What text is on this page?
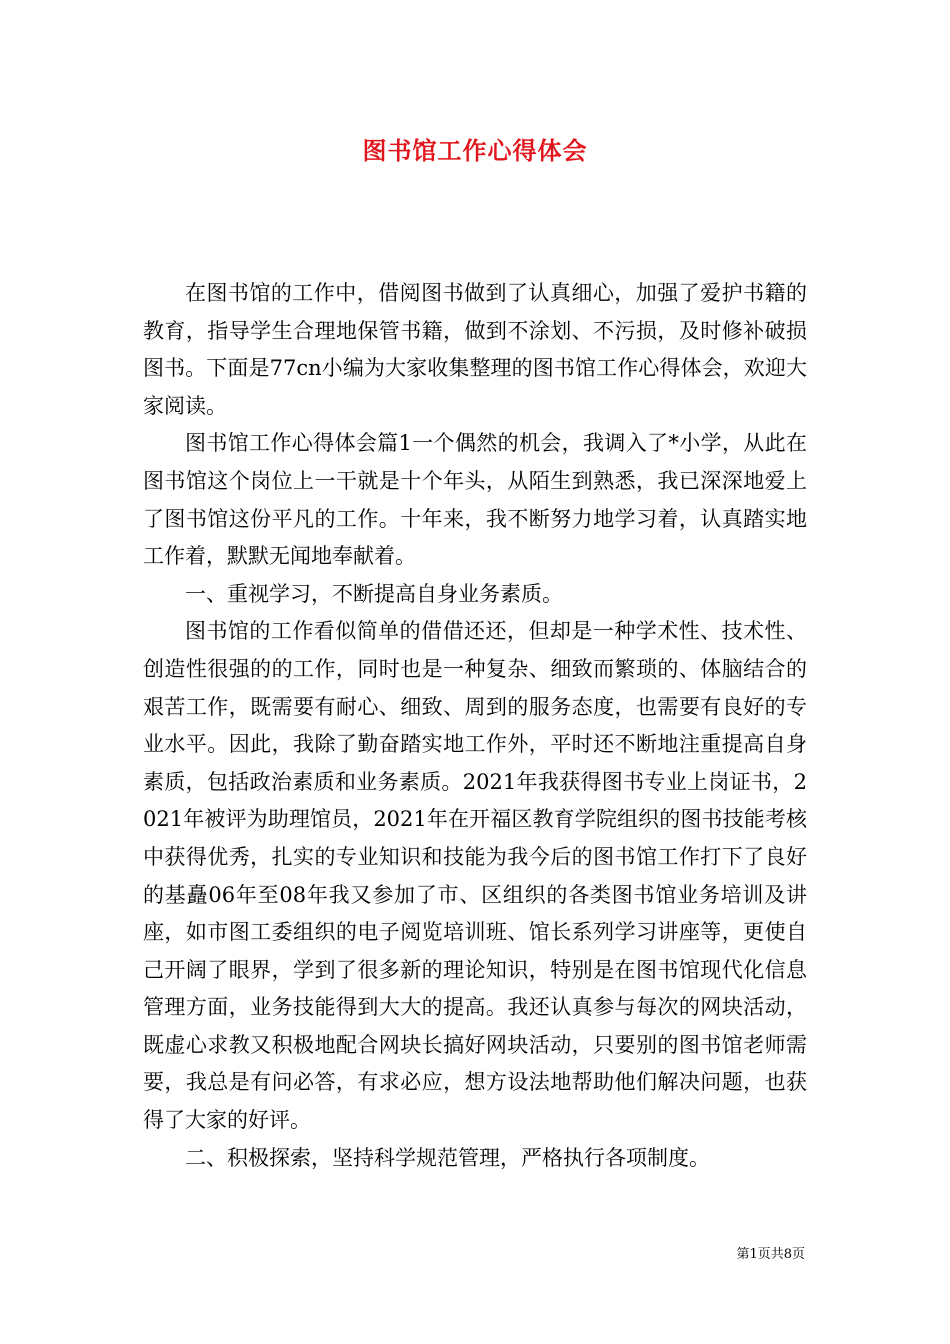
图书馆工作心得体会

在图书馆的工作中，借阅图书做到了认真细心，加强了爱护书籍的教育，指导学生合理地保管书籍，做到不涂划、不污损，及时修补破损图书。下面是77cn小编为大家收集整理的图书馆工作心得体会，欢迎大家阅读。

图书馆工作心得体会篇1一个偶然的机会，我调入了*小学，从此在图书馆这个岗位上一干就是十个年头，从陌生到熟悉，我已深深地爱上了图书馆这份平凡的工作。十年来，我不断努力地学习着，认真踏实地工作着，默默无闻地奉献着。

一、重视学习，不断提高自身业务素质。

图书馆的工作看似简单的借借还还，但却是一种学术性、技术性、创造性很强的的工作，同时也是一种复杂、细致而繁琐的、体脑结合的艰苦工作，既需要有耐心、细致、周到的服务态度，也需要有良好的专业水平。因此，我除了勤奋踏实地工作外，平时还不断地注重提高自身素质，包括政治素质和业务素质。2021年我获得图书专业上岗证书，2021年被评为助理馆员，2021年在开福区教育学院组织的图书技能考核中获得优秀，扎实的专业知识和技能为我今后的图书馆工作打下了良好的基矗06年至08年我又参加了市、区组织的各类图书馆业务培训及讲座，如市图工委组织的电子阅览培训班、馆长系列学习讲座等，更使自己开阔了眼界，学到了很多新的理论知识，特别是在图书馆现代化信息管理方面，业务技能得到大大的提高。我还认真参与每次的网块活动，既虚心求教又积极地配合网块长搞好网块活动，只要别的图书馆老师需要，我总是有问必答，有求必应，想方设法地帮助他们解决问题，也获得了大家的好评。

二、积极探索，坚持科学规范管理，严格执行各项制度。

第1页共8页
